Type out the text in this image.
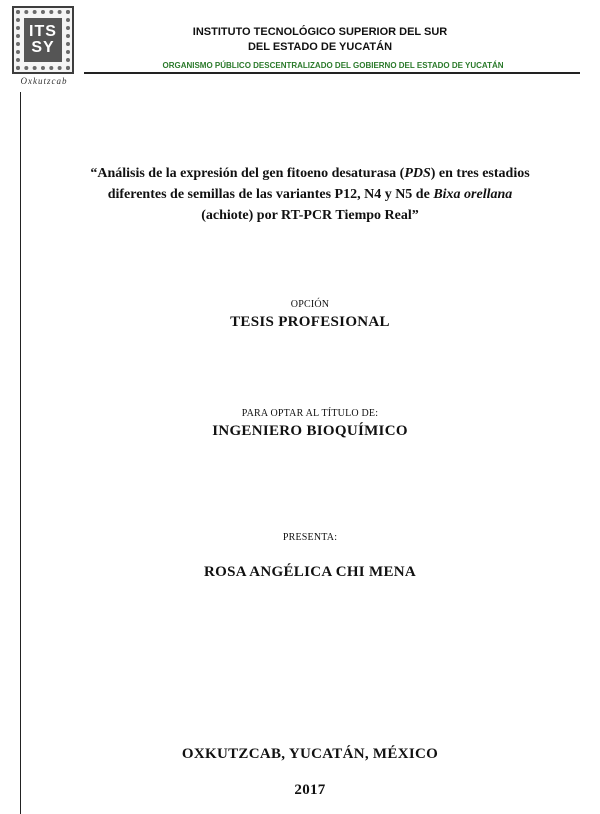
ITS
SY
Oxkutzcab
INSTITUTO TECNOLÓGICO SUPERIOR DEL SUR
DEL ESTADO DE YUCATÁN
ORGANISMO PÚBLICO DESCENTRALIZADO DEL GOBIERNO DEL ESTADO DE YUCATÁN
“Análisis de la expresión del gen fitoeno desaturasa (PDS) en tres estadios
diferentes de semillas de las variantes P12, N4 y N5 de Bixa orellana
(achiote) por RT-PCR Tiempo Real”
OPCIÓN
TESIS PROFESIONAL
PARA OPTAR AL TÍTULO DE:
INGENIERO BIOQUÍMICO
PRESENTA:
ROSA ANGÉLICA CHI MENA
OXKUTZCAB, YUCATÁN, MÉXICO
2017
